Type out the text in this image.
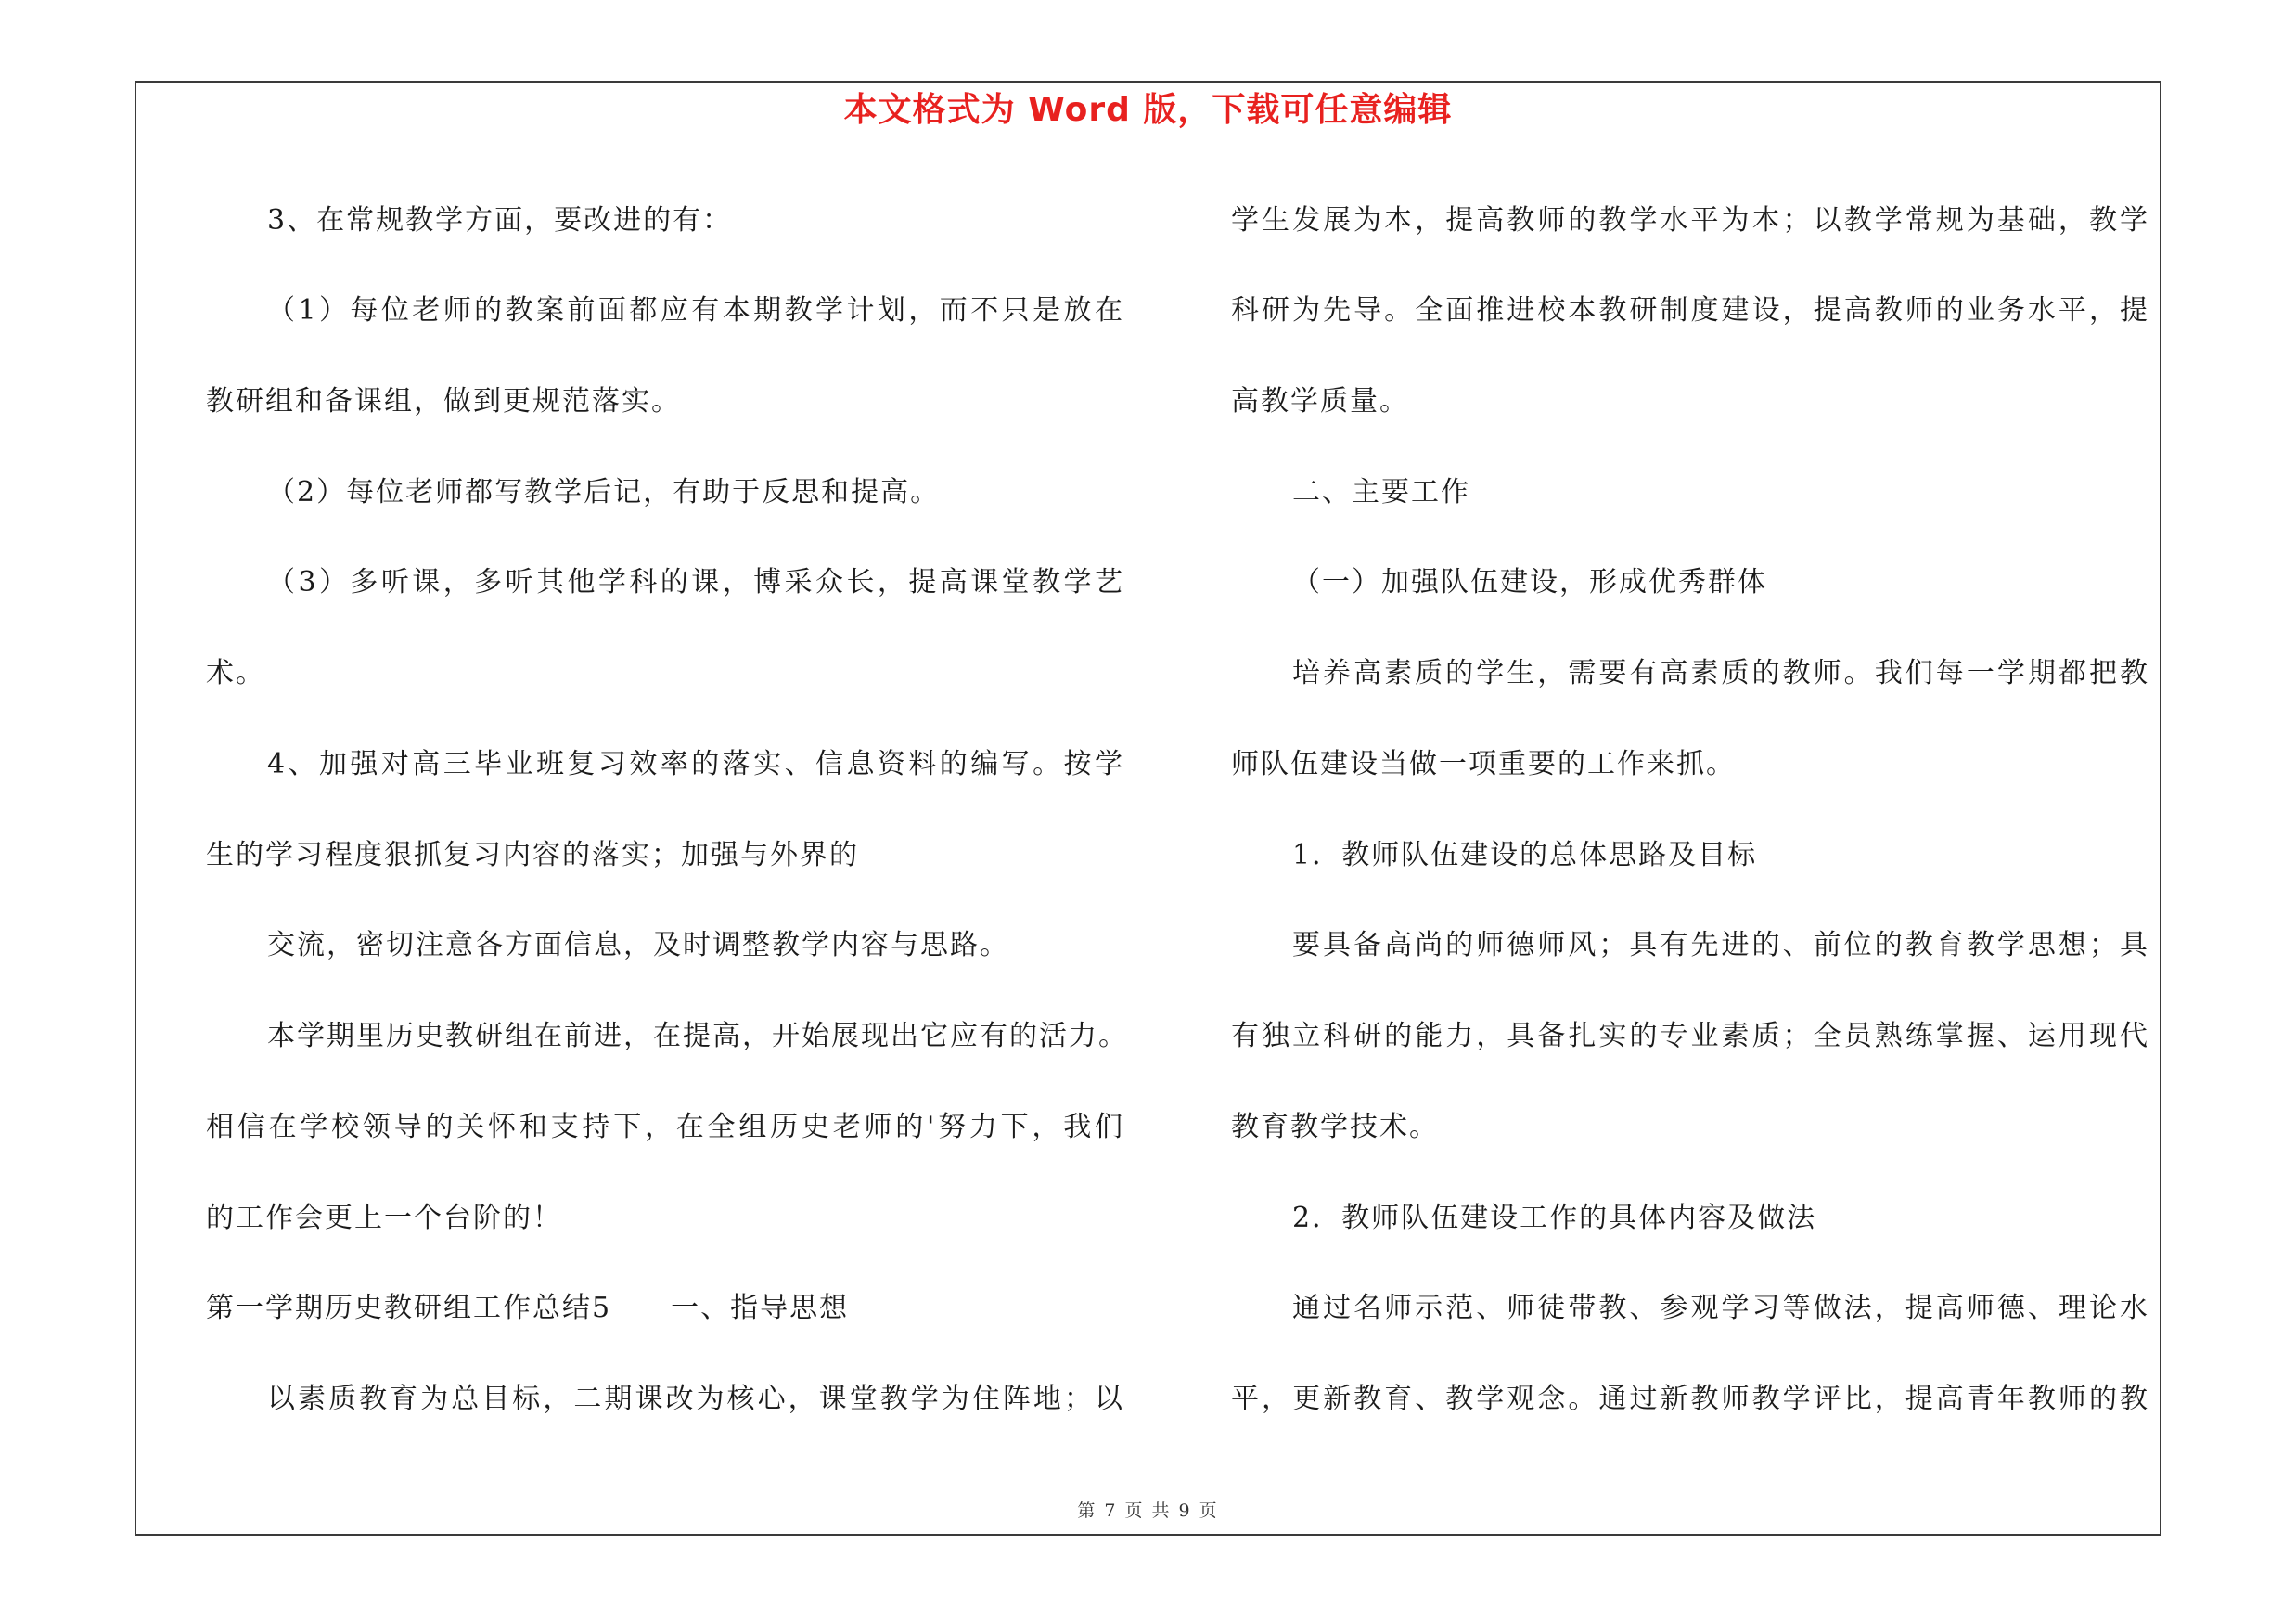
本文格式为 Word 版，下载可任意编辑
3、在常规教学方面，要改进的有：
（1）每位老师的教案前面都应有本期教学计划，而不只是放在
教研组和备课组，做到更规范落实。
（2）每位老师都写教学后记，有助于反思和提高。
（3）多听课，多听其他学科的课，博采众长，提高课堂教学艺
术。
4、加强对高三毕业班复习效率的落实、信息资料的编写。按学
生的学习程度狠抓复习内容的落实；加强与外界的
交流，密切注意各方面信息，及时调整教学内容与思路。
本学期里历史教研组在前进，在提高，开始展现出它应有的活力。
相信在学校领导的关怀和支持下，在全组历史老师的'努力下，我们
的工作会更上一个台阶的！
第一学期历史教研组工作总结5　　一、指导思想
以素质教育为总目标，二期课改为核心，课堂教学为住阵地；以
学生发展为本，提高教师的教学水平为本；以教学常规为基础，教学
科研为先导。全面推进校本教研制度建设，提高教师的业务水平，提
高教学质量。
二、主要工作
（一）加强队伍建设，形成优秀群体
培养高素质的学生，需要有高素质的教师。我们每一学期都把教
师队伍建设当做一项重要的工作来抓。
1．教师队伍建设的总体思路及目标
要具备高尚的师德师风；具有先进的、前位的教育教学思想；具
有独立科研的能力，具备扎实的专业素质；全员熟练掌握、运用现代
教育教学技术。
2．教师队伍建设工作的具体内容及做法
通过名师示范、师徒带教、参观学习等做法，提高师德、理论水
平，更新教育、教学观念。通过新教师教学评比，提高青年教师的教
第 7 页 共 9 页
